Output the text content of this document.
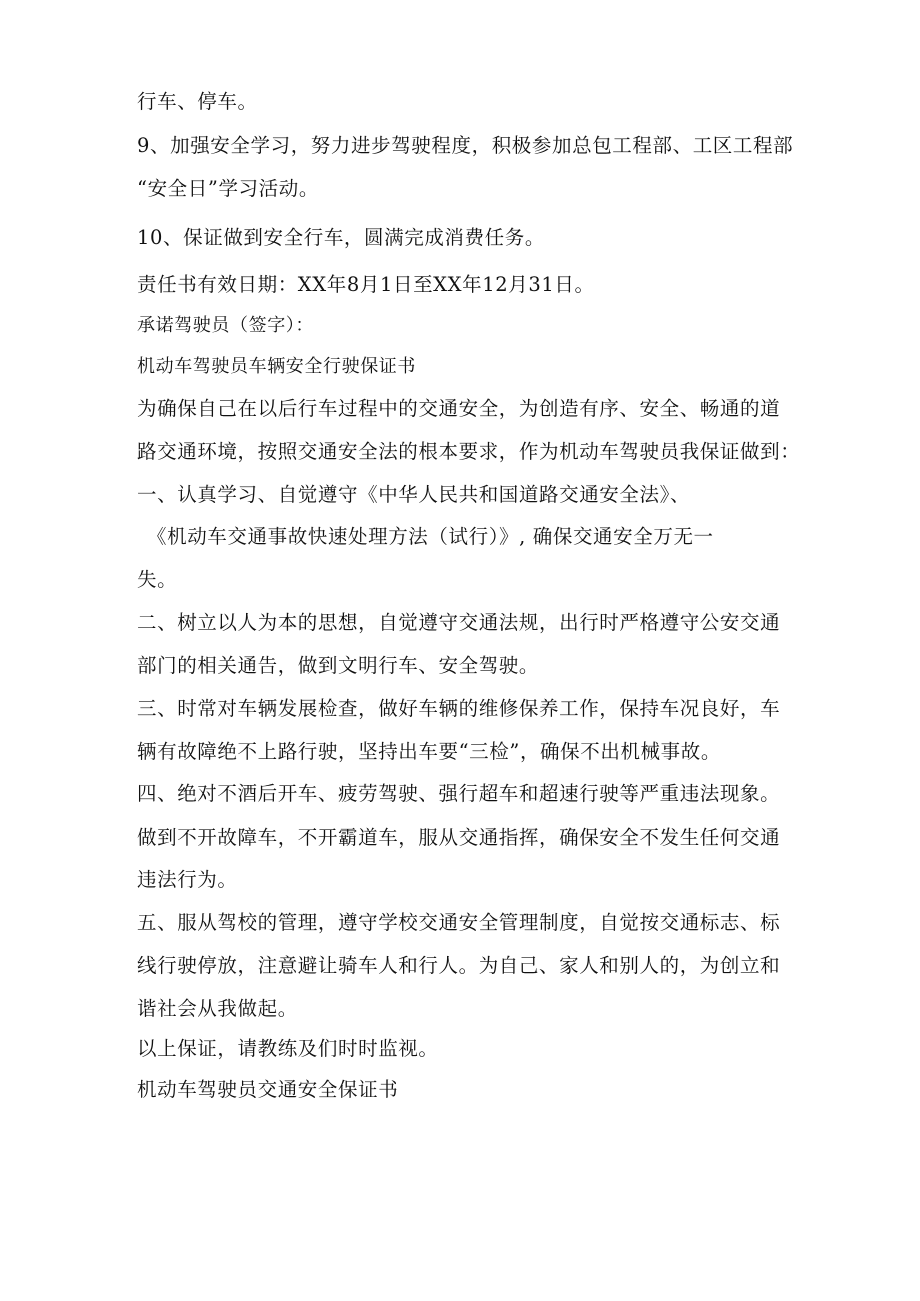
行车、停车。
9、加强安全学习，努力进步驾驶程度，积极参加总包工程部、工区工程部
“安全日”学习活动。
10、保证做到安全行车，圆满完成消费任务。
责任书有效日期：XX年8月1日至XX年12月31日。
承诺驾驶员（签字）：
机动车驾驶员车辆安全行驶保证书
为确保自己在以后行车过程中的交通安全，为创造有序、安全、畅通的道
路交通环境，按照交通安全法的根本要求，作为机动车驾驶员我保证做到：
一、认真学习、自觉遵守《中华人民共和国道路交通安全法》、
《机动车交通事故快速处理方法（试行）》, 确保交通安全万无一
失。
二、树立以人为本的思想，自觉遵守交通法规，出行时严格遵守公安交通
部门的相关通告，做到文明行车、安全驾驶。
三、时常对车辆发展检查，做好车辆的维修保养工作，保持车况良好，车
辆有故障绝不上路行驶，坚持出车要“三检”，确保不出机械事故。
四、绝对不酒后开车、疲劳驾驶、强行超车和超速行驶等严重违法现象。
做到不开故障车，不开霸道车，服从交通指挥，确保安全不发生任何交通
违法行为。
五、服从驾校的管理，遵守学校交通安全管理制度，自觉按交通标志、标
线行驶停放，注意避让骑车人和行人。为自己、家人和别人的，为创立和
谐社会从我做起。
以上保证，请教练及们时时监视。
机动车驾驶员交通安全保证书
